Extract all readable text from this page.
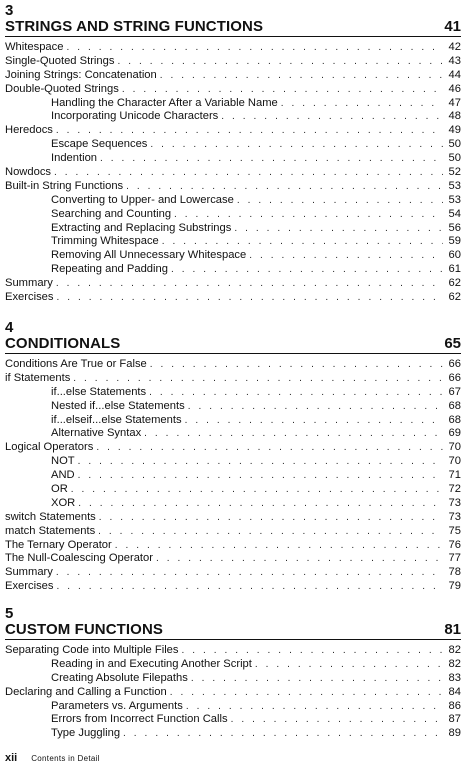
3
STRINGS AND STRING FUNCTIONS	41
Whitespace . . .	42
Single-Quoted Strings . . .	43
Joining Strings: Concatenation . . .	44
Double-Quoted Strings . . .	46
Handling the Character After a Variable Name . . .	47
Incorporating Unicode Characters . . .	48
Heredocs . . .	49
Escape Sequences . . .	50
Indention . . .	50
Nowdocs . . .	52
Built-in String Functions . . .	53
Converting to Upper- and Lowercase . . .	53
Searching and Counting . . .	54
Extracting and Replacing Substrings . . .	56
Trimming Whitespace . . .	59
Removing All Unnecessary Whitespace . . .	60
Repeating and Padding . . .	61
Summary . . .	62
Exercises . . .	62
4
CONDITIONALS	65
Conditions Are True or False . . .	66
if Statements . . .	66
if...else Statements . . .	67
Nested if...else Statements . . .	68
if...elseif...else Statements . . .	68
Alternative Syntax . . .	69
Logical Operators . . .	70
NOT . . .	70
AND . . .	71
OR . . .	72
XOR . . .	73
switch Statements . . .	73
match Statements . . .	75
The Ternary Operator . . .	76
The Null-Coalescing Operator . . .	77
Summary . . .	78
Exercises . . .	79
5
CUSTOM FUNCTIONS	81
Separating Code into Multiple Files . . .	82
Reading in and Executing Another Script . . .	82
Creating Absolute Filepaths . . .	83
Declaring and Calling a Function . . .	84
Parameters vs. Arguments . . .	86
Errors from Incorrect Function Calls . . .	87
Type Juggling . . .	89
xii Contents in Detail
